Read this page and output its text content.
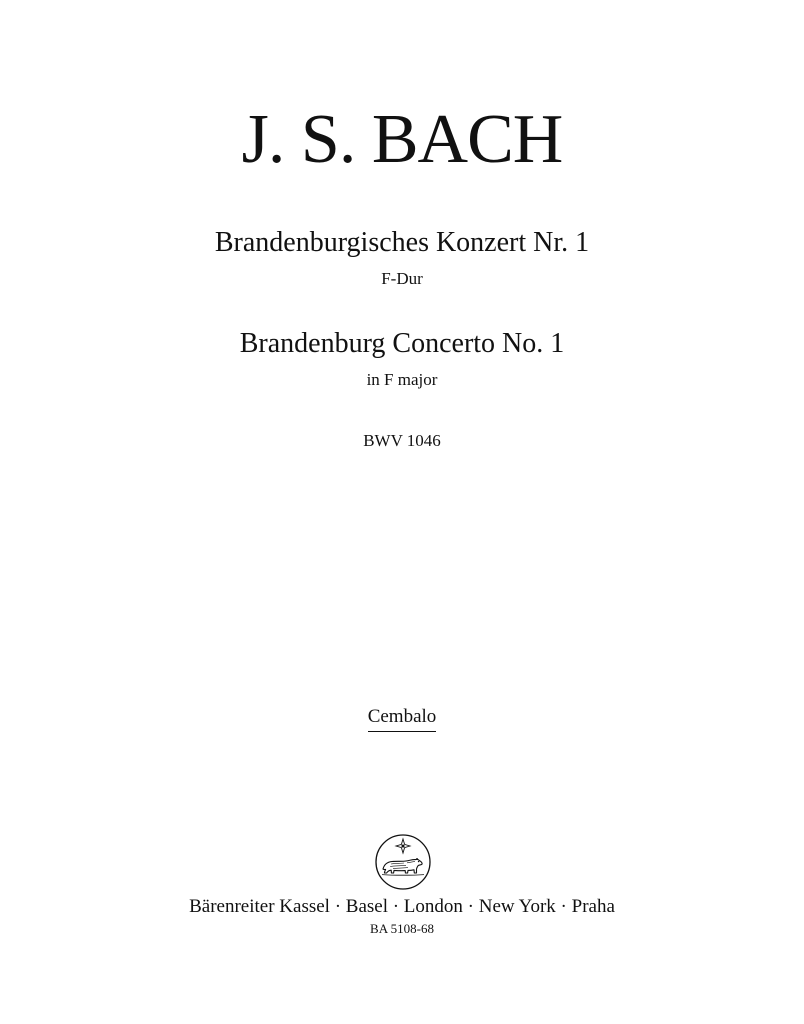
J. S. BACH
Brandenburgisches Konzert Nr. 1
F-Dur
Brandenburg Concerto No. 1
in F major
BWV 1046
Cembalo
Bärenreiter Kassel · Basel · London · New York · Praha
BA 5108-68
